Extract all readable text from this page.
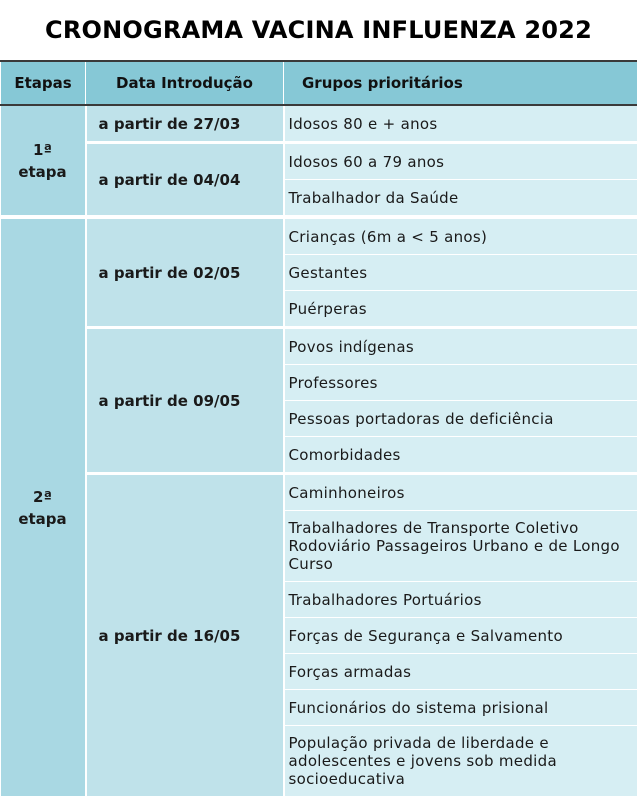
CRONOGRAMA VACINA INFLUENZA 2022
Etapas	Data Introdução	Grupos prioritários
1ª
etapa	a partir de 27/03	Idosos 80 e + anos
	a partir de 04/04	Idosos 60 a 79 anos
		Trabalhador da Saúde
2ª
etapa	a partir de 02/05	Crianças (6m a < 5 anos)
		Gestantes
		Puérperas
	a partir de 09/05	Povos indígenas
		Professores
		Pessoas portadoras de deficiência
		Comorbidades
	a partir de 16/05	Caminhoneiros
		Trabalhadores de Transporte Coletivo Rodoviário Passageiros Urbano e de Longo Curso
		Trabalhadores Portuários
		Forças de Segurança e Salvamento
		Forças armadas
		Funcionários do sistema prisional
		População privada de liberdade e adolescentes e jovens sob medida socioeducativa
